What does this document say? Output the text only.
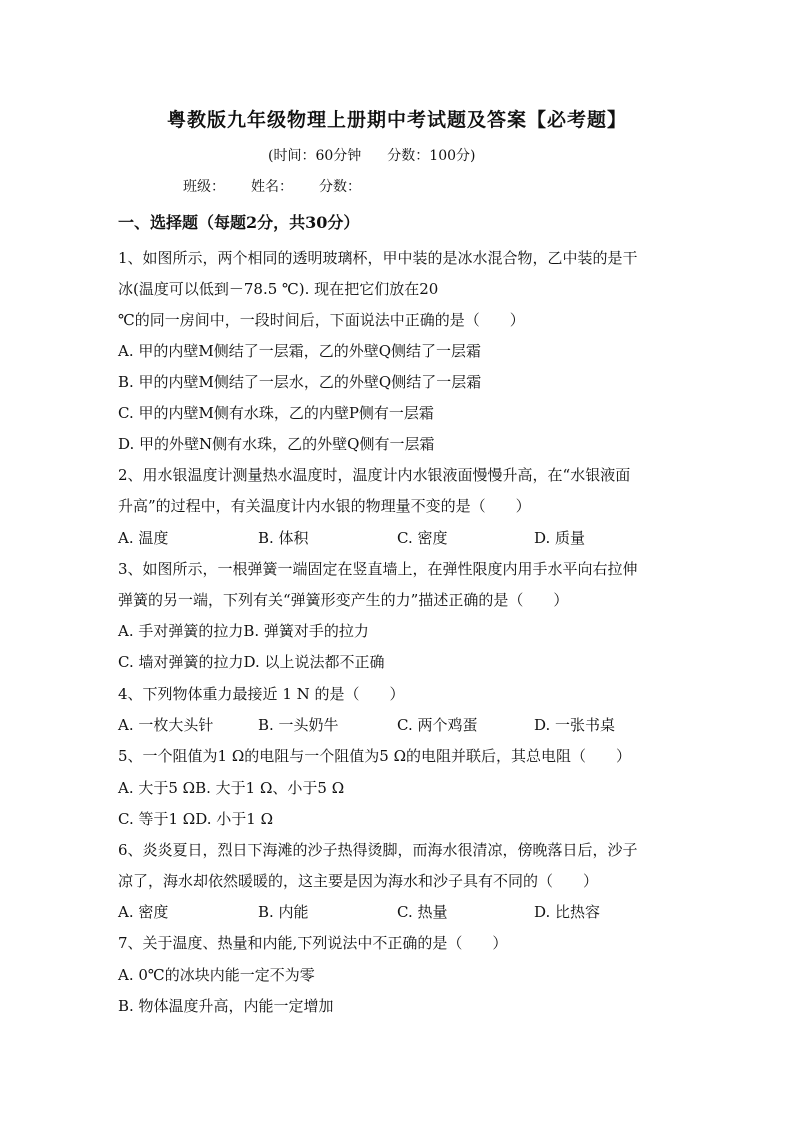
粤教版九年级物理上册期中考试题及答案【必考题】
(时间：60分钟 分数：100分)
班级： 姓名： 分数：
一、选择题（每题2分，共30分）
1、如图所示，两个相同的透明玻璃杯，甲中装的是冰水混合物，乙中装的是干
冰(温度可以低到－78.5 ℃). 现在把它们放在20
℃的同一房间中，一段时间后，下面说法中正确的是（　　）
A. 甲的内壁M侧结了一层霜，乙的外壁Q侧结了一层霜
B. 甲的内壁M侧结了一层水，乙的外壁Q侧结了一层霜
C. 甲的内壁M侧有水珠，乙的内壁P侧有一层霜
D. 甲的外壁N侧有水珠，乙的外壁Q侧有一层霜
2、用水银温度计测量热水温度时，温度计内水银液面慢慢升高，在“水银液面
升高”的过程中，有关温度计内水银的物理量不变的是（　　）
A. 温度	B. 体积	C. 密度	D. 质量
3、如图所示，一根弹簧一端固定在竖直墙上，在弹性限度内用手水平向右拉伸
弹簧的另一端，下列有关“弹簧形变产生的力”描述正确的是（　　）
A. 手对弹簧的拉力B. 弹簧对手的拉力
C. 墙对弹簧的拉力D. 以上说法都不正确
4、下列物体重力最接近 1 N 的是（　　）
A. 一枚大头针	B. 一头奶牛	C. 两个鸡蛋	D. 一张书桌
5、一个阻值为1 Ω的电阻与一个阻值为5 Ω的电阻并联后，其总电阻（　　）
A. 大于5 ΩB. 大于1 Ω、小于5 Ω
C. 等于1 ΩD. 小于1 Ω
6、炎炎夏日，烈日下海滩的沙子热得烫脚，而海水很清凉，傍晚落日后，沙子
凉了，海水却依然暖暖的，这主要是因为海水和沙子具有不同的（　　）
A. 密度	B. 内能	C. 热量	D. 比热容
7、关于温度、热量和内能,下列说法中不正确的是（　　）
A. 0℃的冰块内能一定不为零
B. 物体温度升高，内能一定增加
